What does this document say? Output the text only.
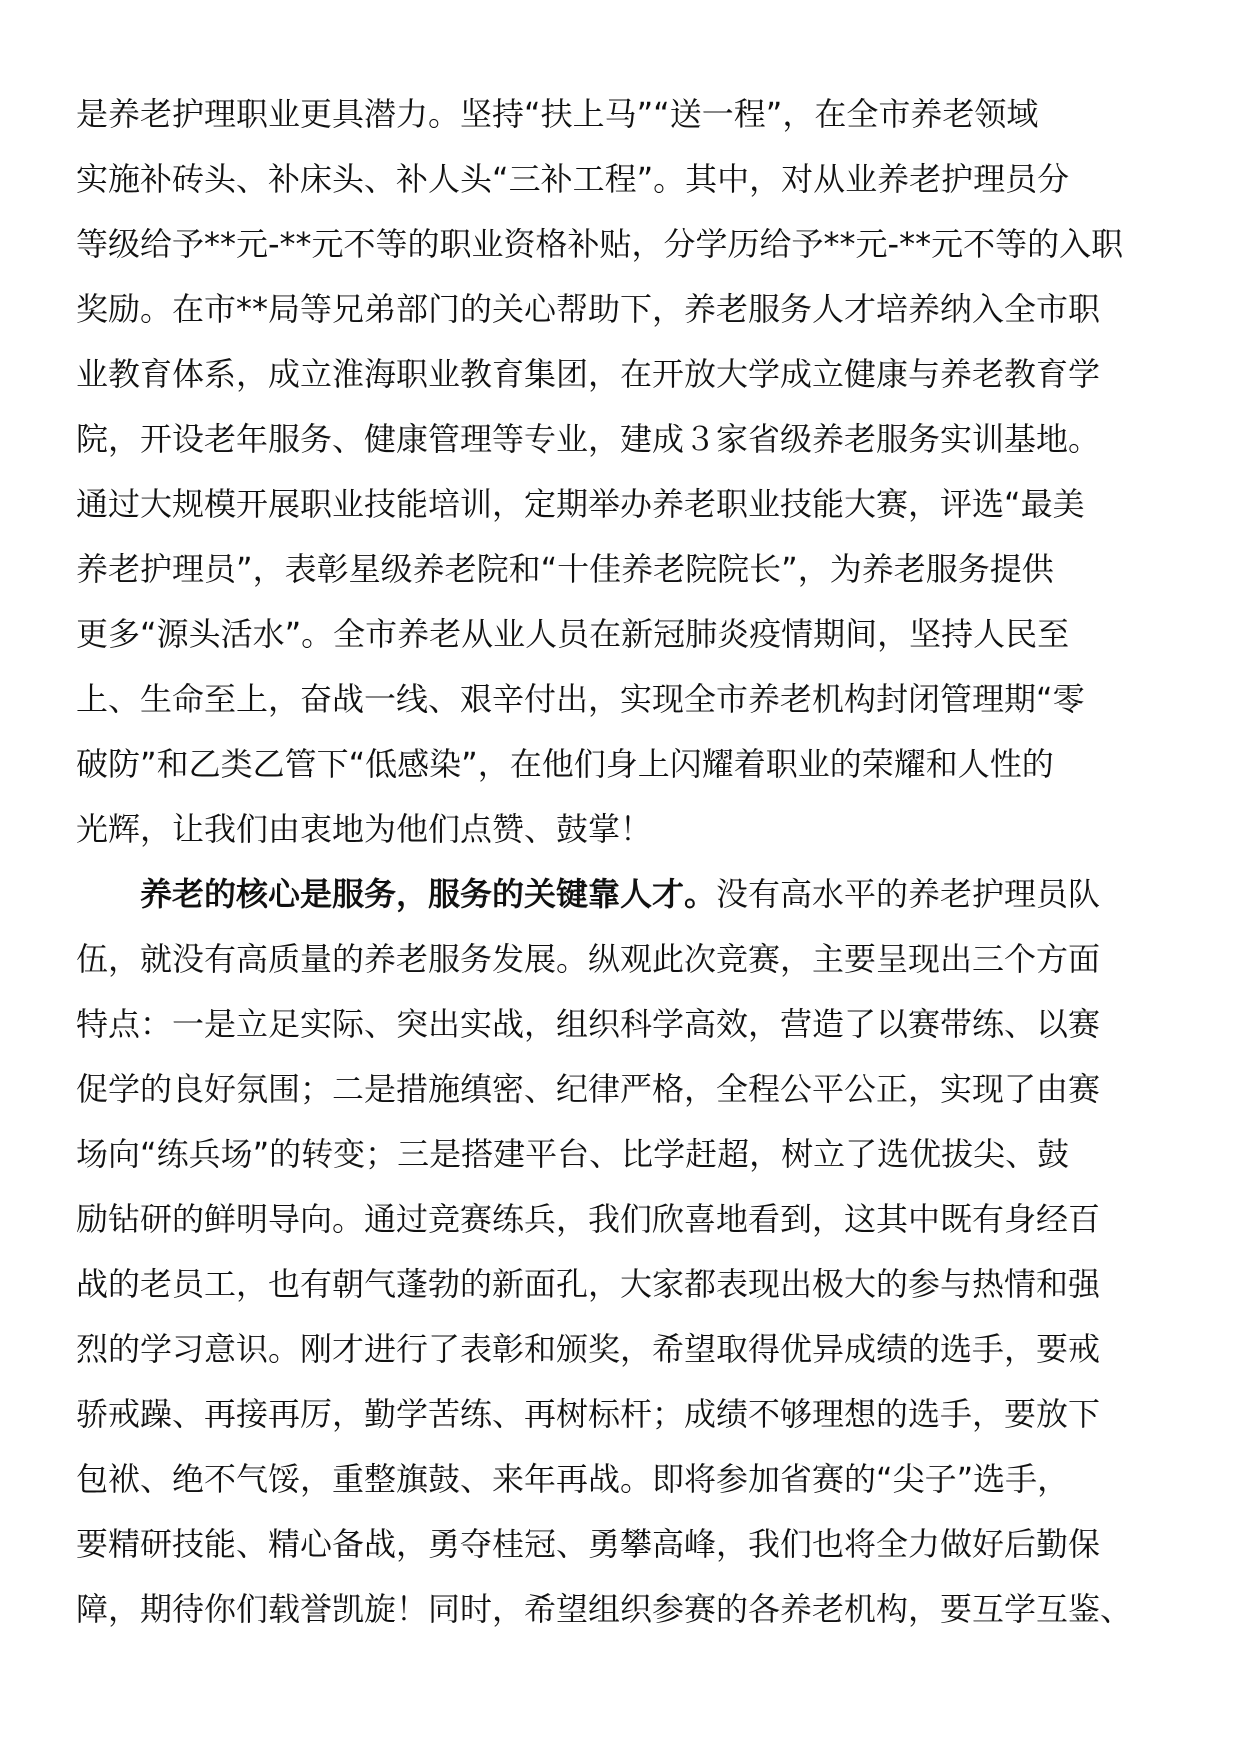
是养老护理职业更具潜力。坚持“扶上马”“送一程”，在全市养老领域
实施补砖头、补床头、补人头“三补工程”。其中，对从业养老护理员分
等级给予**元-**元不等的职业资格补贴，分学历给予**元-**元不等的入职
奖励。在市**局等兄弟部门的关心帮助下，养老服务人才培养纳入全市职
业教育体系，成立淮海职业教育集团，在开放大学成立健康与养老教育学
院，开设老年服务、健康管理等专业，建成３家省级养老服务实训基地。
通过大规模开展职业技能培训，定期举办养老职业技能大赛，评选“最美
养老护理员”，表彰星级养老院和“十佳养老院院长”，为养老服务提供
更多“源头活水”。全市养老从业人员在新冠肺炎疫情期间，坚持人民至
上、生命至上，奋战一线、艰辛付出，实现全市养老机构封闭管理期“零
破防”和乙类乙管下“低感染”，在他们身上闪耀着职业的荣耀和人性的
光辉，让我们由衷地为他们点赞、鼓掌！
养老的核心是服务，服务的关键靠人才。没有高水平的养老护理员队
伍，就没有高质量的养老服务发展。纵观此次竞赛，主要呈现出三个方面
特点：一是立足实际、突出实战，组织科学高效，营造了以赛带练、以赛
促学的良好氛围；二是措施缜密、纪律严格，全程公平公正，实现了由赛
场向“练兵场”的转变；三是搭建平台、比学赶超，树立了选优拔尖、鼓
励钻研的鲜明导向。通过竞赛练兵，我们欣喜地看到，这其中既有身经百
战的老员工，也有朝气蓬勃的新面孔，大家都表现出极大的参与热情和强
烈的学习意识。刚才进行了表彰和颁奖，希望取得优异成绩的选手，要戒
骄戒躁、再接再厉，勤学苦练、再树标杆；成绩不够理想的选手，要放下
包袱、绝不气馁，重整旗鼓、来年再战。即将参加省赛的“尖子”选手，
要精研技能、精心备战，勇夺桂冠、勇攀高峰，我们也将全力做好后勤保
障，期待你们载誉凯旋！同时，希望组织参赛的各养老机构，要互学互鉴、
